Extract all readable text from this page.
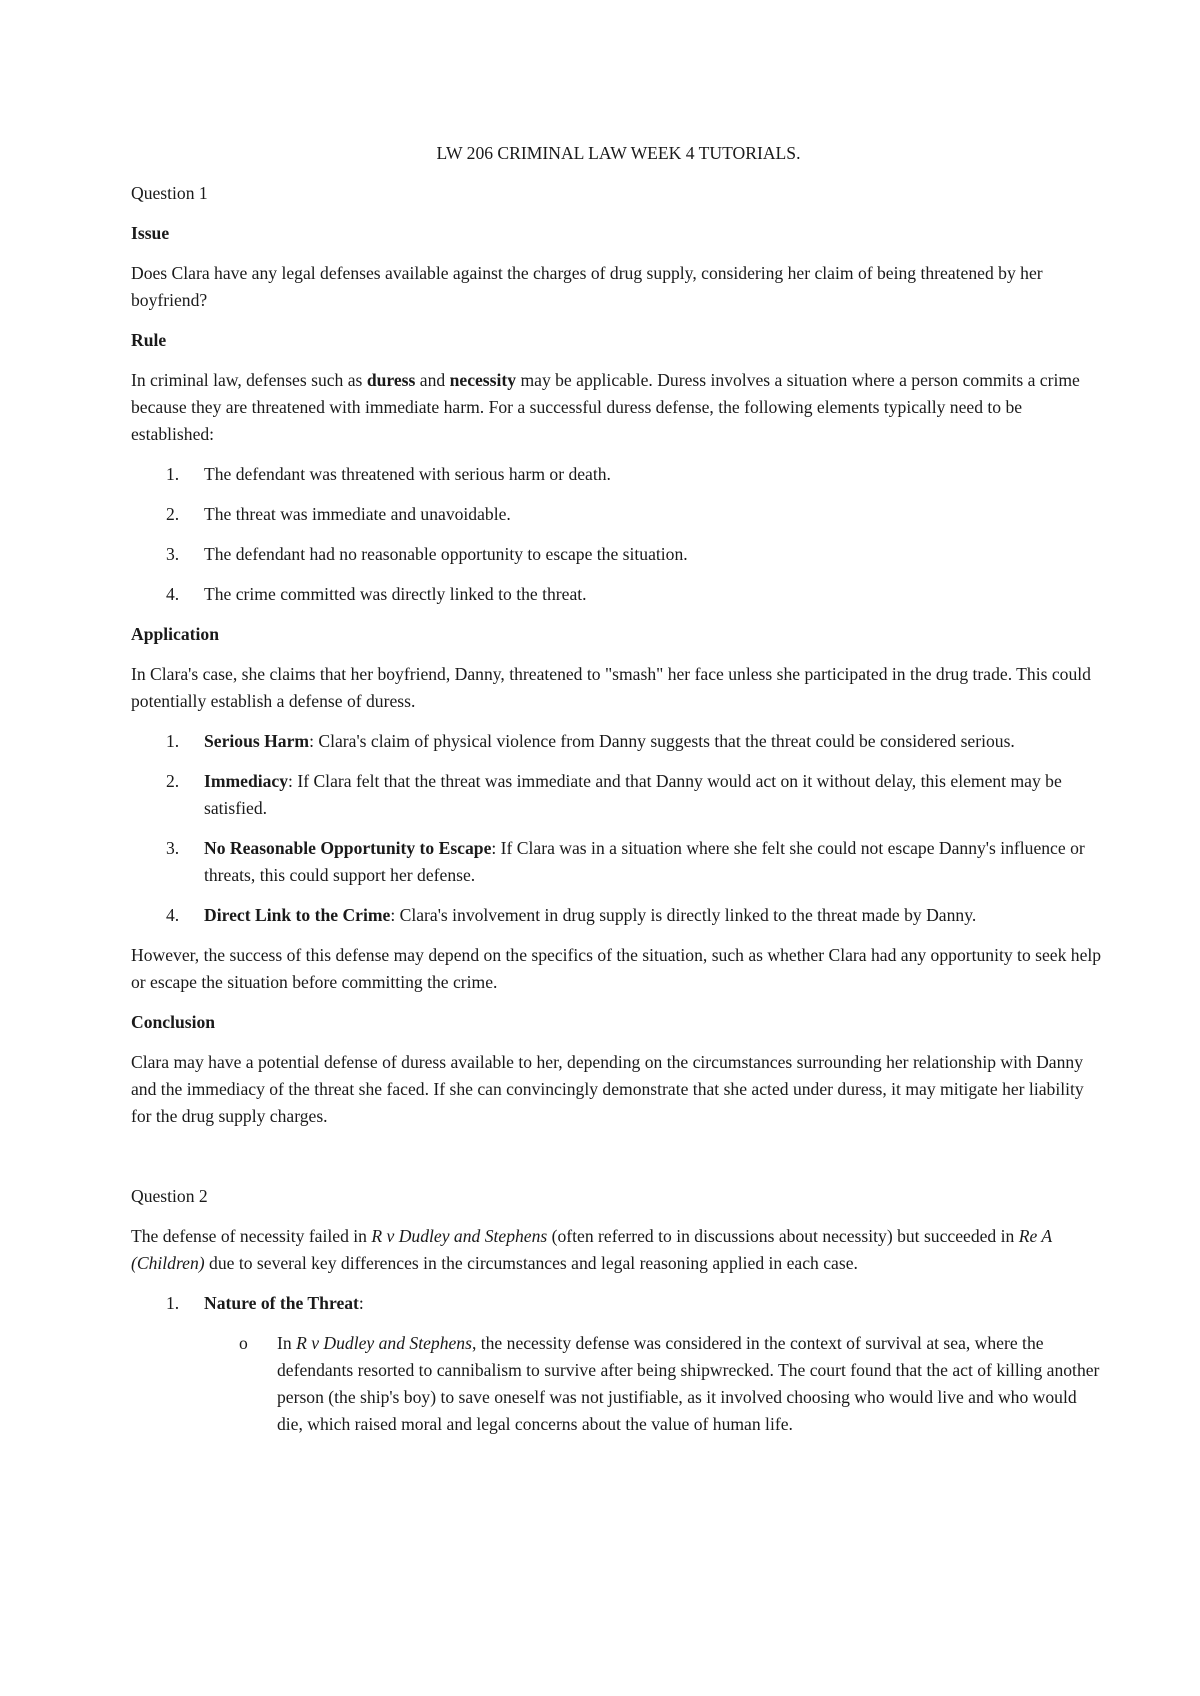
LW 206 CRIMINAL LAW WEEK 4 TUTORIALS.

Question 1

Issue

Does Clara have any legal defenses available against the charges of drug supply, considering her claim of being threatened by her boyfriend?

Rule

In criminal law, defenses such as duress and necessity may be applicable. Duress involves a situation where a person commits a crime because they are threatened with immediate harm. For a successful duress defense, the following elements typically need to be established:

1. The defendant was threatened with serious harm or death.
2. The threat was immediate and unavoidable.
3. The defendant had no reasonable opportunity to escape the situation.
4. The crime committed was directly linked to the threat.
Application

In Clara's case, she claims that her boyfriend, Danny, threatened to "smash" her face unless she participated in the drug trade. This could potentially establish a defense of duress.

1. Serious Harm: Clara's claim of physical violence from Danny suggests that the threat could be considered serious.
2. Immediacy: If Clara felt that the threat was immediate and that Danny would act on it without delay, this element may be satisfied.
3. No Reasonable Opportunity to Escape: If Clara was in a situation where she felt she could not escape Danny's influence or threats, this could support her defense.
4. Direct Link to the Crime: Clara's involvement in drug supply is directly linked to the threat made by Danny.

However, the success of this defense may depend on the specifics of the situation, such as whether Clara had any opportunity to seek help or escape the situation before committing the crime.

Conclusion

Clara may have a potential defense of duress available to her, depending on the circumstances surrounding her relationship with Danny and the immediacy of the threat she faced. If she can convincingly demonstrate that she acted under duress, it may mitigate her liability for the drug supply charges.

Question 2

The defense of necessity failed in R v Dudley and Stephens (often referred to in discussions about necessity) but succeeded in Re A (Children) due to several key differences in the circumstances and legal reasoning applied in each case.

1. Nature of the Threat:
o In R v Dudley and Stephens, the necessity defense was considered in the context of survival at sea, where the defendants resorted to cannibalism to survive after being shipwrecked. The court found that the act of killing another person (the ship's boy) to save oneself was not justifiable, as it involved choosing who would live and who would die, which raised moral and legal concerns about the value of human life.
